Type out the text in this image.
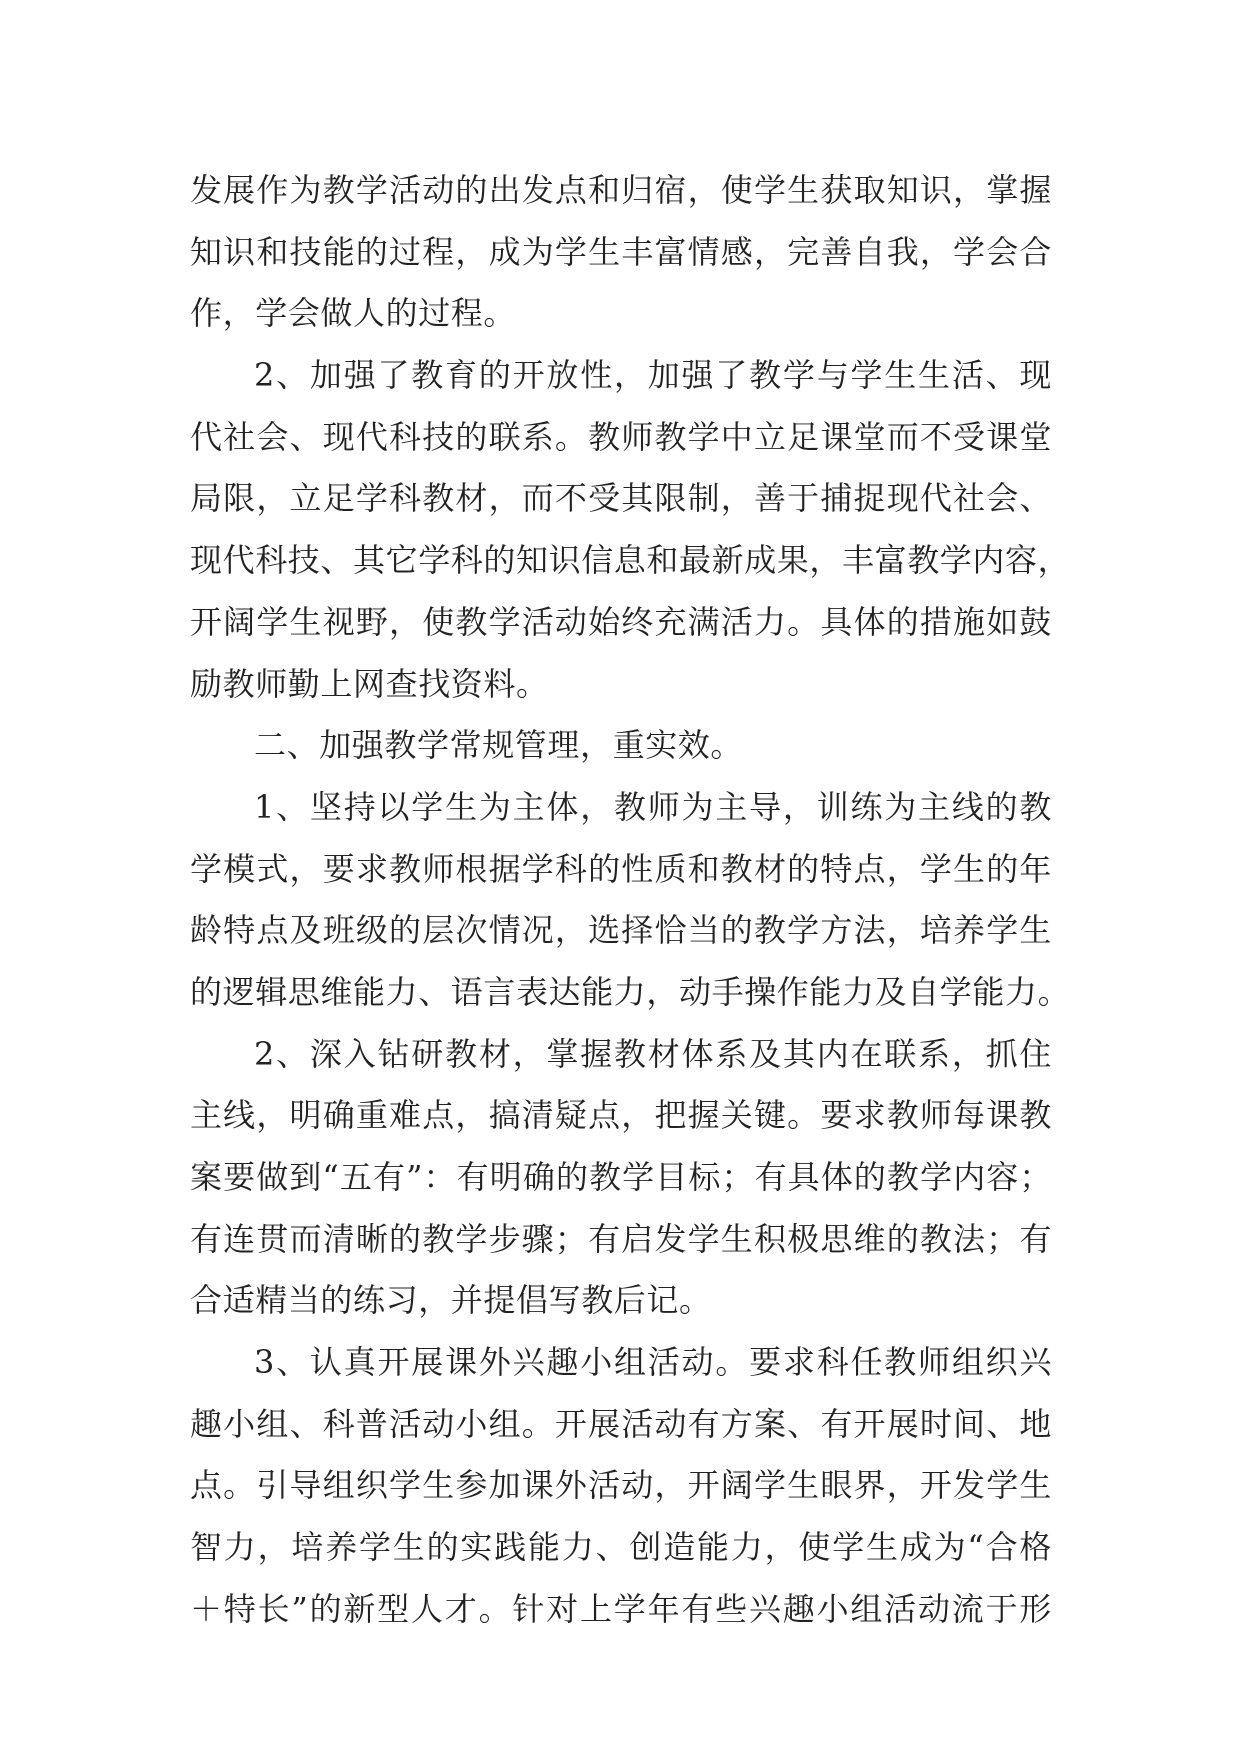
发展作为教学活动的出发点和归宿，使学生获取知识，掌握
知识和技能的过程，成为学生丰富情感，完善自我，学会合
作，学会做人的过程。
2、加强了教育的开放性，加强了教学与学生生活、现
代社会、现代科技的联系。教师教学中立足课堂而不受课堂
局限，立足学科教材，而不受其限制，善于捕捉现代社会、
现代科技、其它学科的知识信息和最新成果，丰富教学内容，
开阔学生视野，使教学活动始终充满活力。具体的措施如鼓
励教师勤上网查找资料。
二、加强教学常规管理，重实效。
1、坚持以学生为主体，教师为主导，训练为主线的教
学模式，要求教师根据学科的性质和教材的特点，学生的年
龄特点及班级的层次情况，选择恰当的教学方法，培养学生
的逻辑思维能力、语言表达能力，动手操作能力及自学能力。
2、深入钻研教材，掌握教材体系及其内在联系，抓住
主线，明确重难点，搞清疑点，把握关键。要求教师每课教
案要做到“五有”：有明确的教学目标；有具体的教学内容；
有连贯而清晰的教学步骤；有启发学生积极思维的教法；有
合适精当的练习，并提倡写教后记。
3、认真开展课外兴趣小组活动。要求科任教师组织兴
趣小组、科普活动小组。开展活动有方案、有开展时间、地
点。引导组织学生参加课外活动，开阔学生眼界，开发学生
智力，培养学生的实践能力、创造能力，使学生成为“合格
＋特长”的新型人才。针对上学年有些兴趣小组活动流于形
